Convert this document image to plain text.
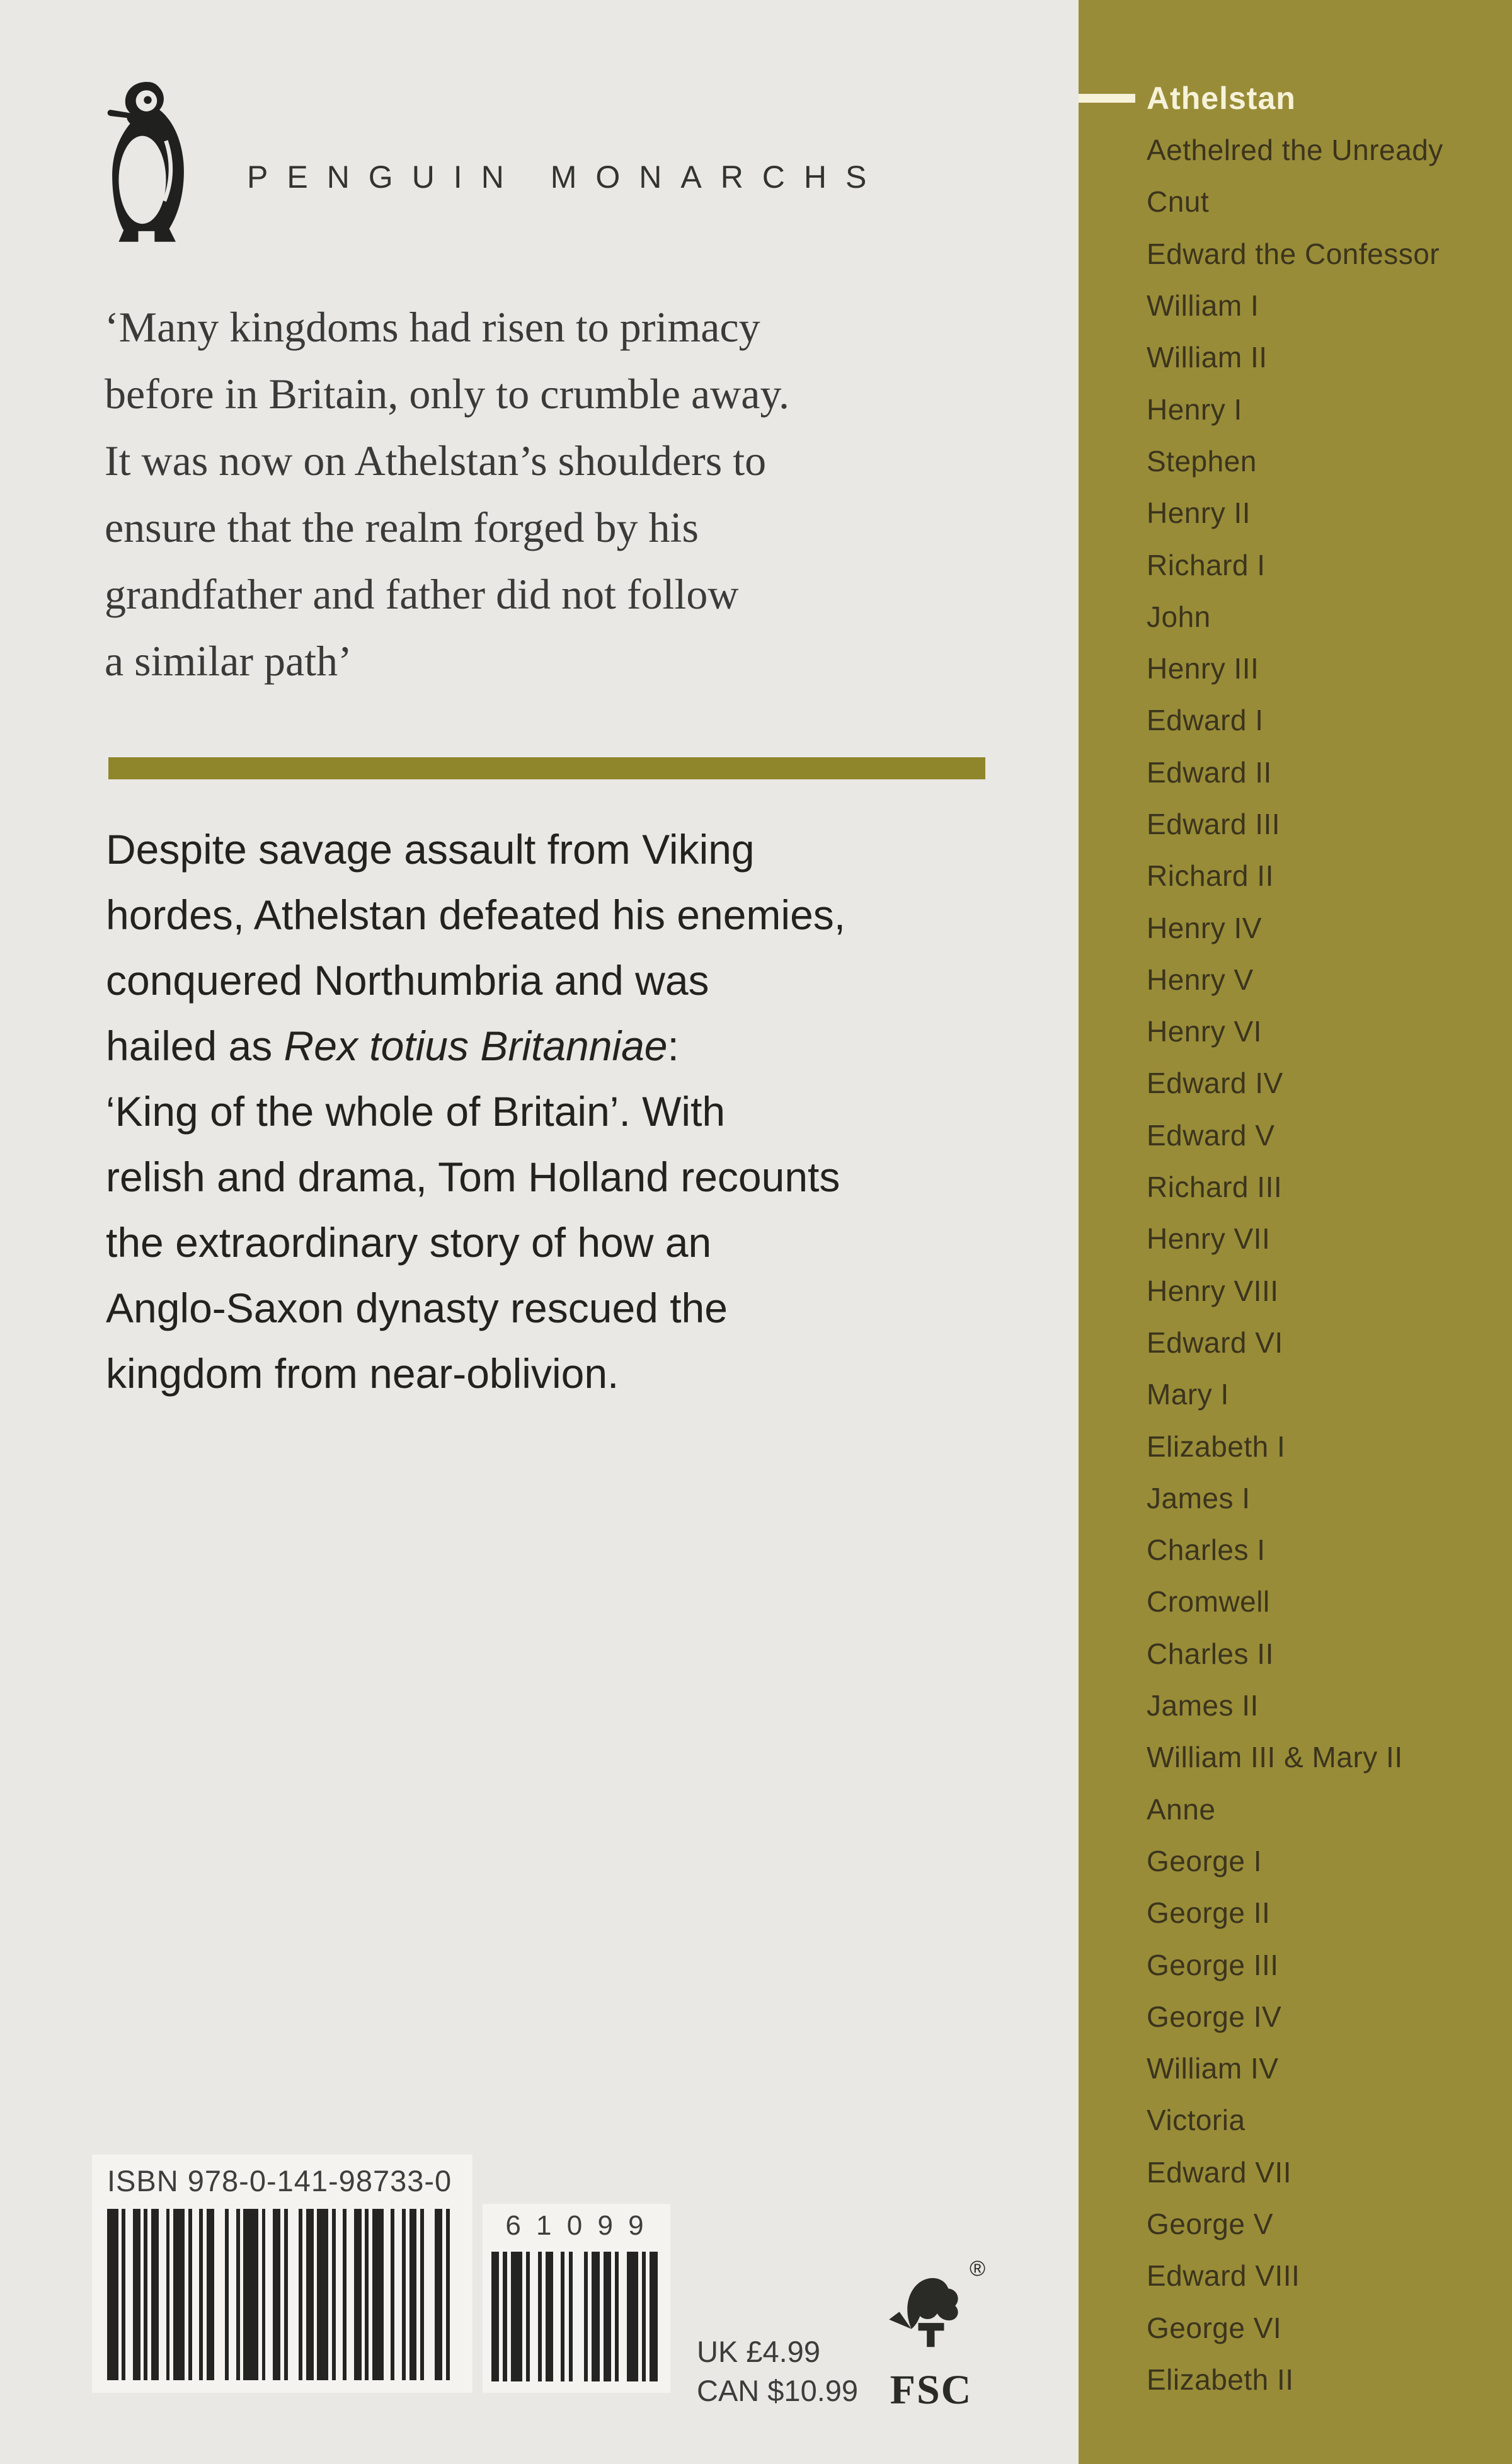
PENGUIN MONARCHS
‘Many kingdoms had risen to primacy
before in Britain, only to crumble away.
It was now on Athelstan’s shoulders to
ensure that the realm forged by his
grandfather and father did not follow
a similar path’
Despite savage assault from Viking
hordes, Athelstan defeated his enemies,
conquered Northumbria and was
hailed as Rex totius Britanniae:
‘King of the whole of Britain’. With
relish and drama, Tom Holland recounts
the extraordinary story of how an
Anglo-Saxon dynasty rescued the
kingdom from near-oblivion.
Athelstan
Aethelred the Unready
Cnut
Edward the Confessor
William I
William II
Henry I
Stephen
Henry II
Richard I
John
Henry III
Edward I
Edward II
Edward III
Richard II
Henry IV
Henry V
Henry VI
Edward IV
Edward V
Richard III
Henry VII
Henry VIII
Edward VI
Mary I
Elizabeth I
James I
Charles I
Cromwell
Charles II
James II
William III & Mary II
Anne
George I
George II
George III
George IV
William IV
Victoria
Edward VII
George V
Edward VIII
George VI
Elizabeth II
ISBN 978-0-141-98733-0
6 1 0 9 9
UK £4.99
CAN $10.99
®
FSC
